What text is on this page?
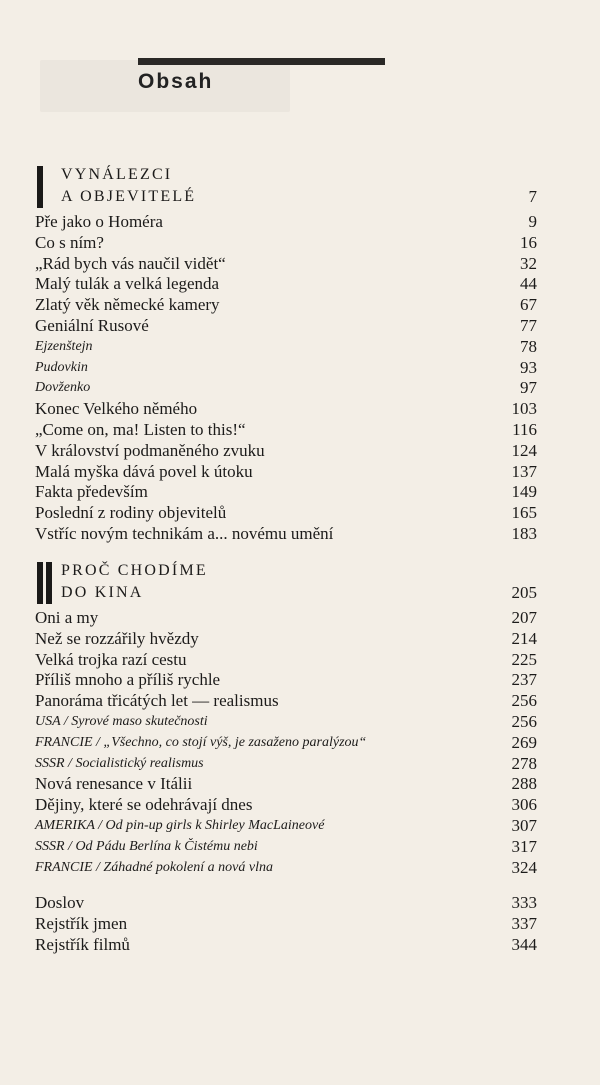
Obsah
VYNÁLEZCI
A OBJEVITELÉ	7
Pře jako o Homéra	9
Co s ním?	16
„Rád bych vás naučil vidět“	32
Malý tulák a velká legenda	44
Zlatý věk německé kamery	67
Geniální Rusové	77
Ejzenštejn	78
Pudovkin	93
Dovženko	97
Konec Velkého němého	103
„Come on, ma! Listen to this!“	116
V království podmaněného zvuku	124
Malá myška dává povel k útoku	137
Fakta především	149
Poslední z rodiny objevitelů	165
Vstříc novým technikám a... novému umění	183
PROČ CHODÍME
DO KINA	205
Oni a my	207
Než se rozzářily hvězdy	214
Velká trojka razí cestu	225
Příliš mnoho a příliš rychle	237
Panoráma třicátých let — realismus	256
USA / Syrové maso skutečnosti	256
FRANCIE / „Všechno, co stojí výš, je zasaženo paralýzou“	269
SSSR / Socialistický realismus	278
Nová renesance v Itálii	288
Dějiny, které se odehrávají dnes	306
AMERIKA / Od pin-up girls k Shirley MacLaineové	307
SSSR / Od Pádu Berlína k Čistému nebi	317
FRANCIE / Záhadné pokolení a nová vlna	324
Doslov	333
Rejstřík jmen	337
Rejstřík filmů	344
